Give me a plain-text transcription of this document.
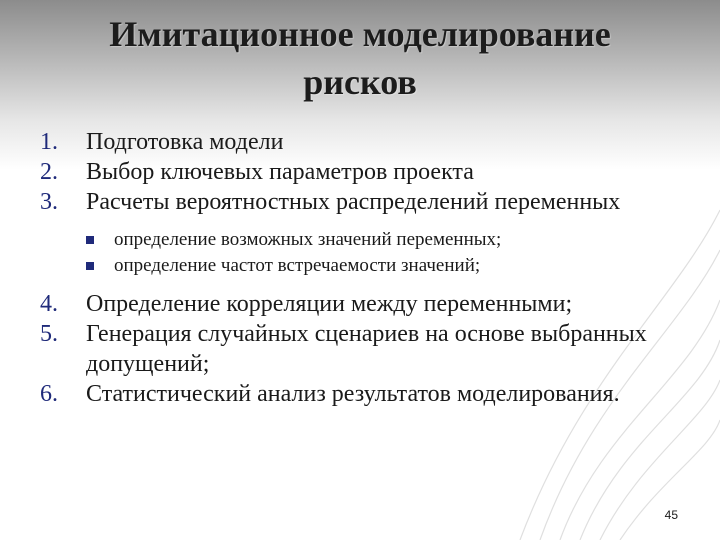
Имитационное моделирование
рисков
1.	Подготовка модели
2.	Выбор ключевых параметров проекта
3.	Расчеты вероятностных распределений переменных
определение возможных значений переменных;
определение частот встречаемости значений;
4.	Определение корреляции между переменными;
5.	Генерация случайных сценариев на основе выбранных допущений;
6.	Статистический анализ результатов моделирования.
45
